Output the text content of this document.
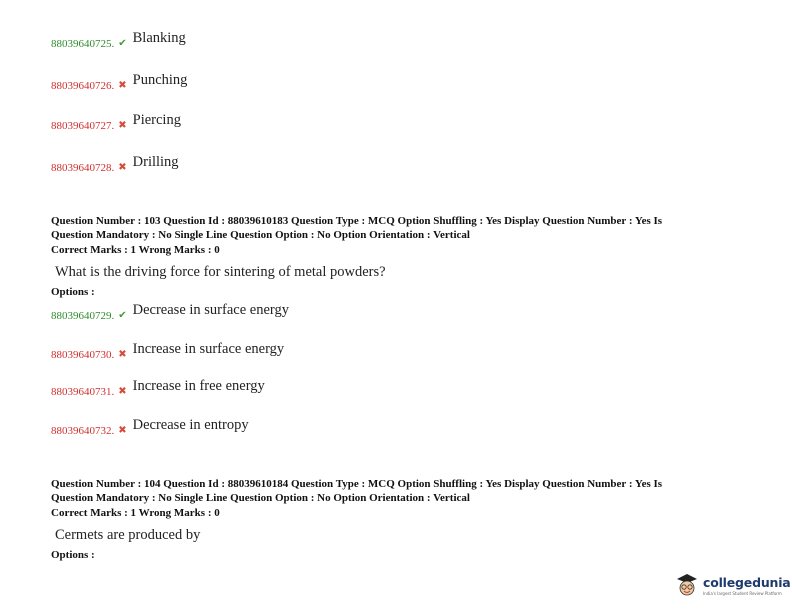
88039640725. ✔ Blanking
88039640726. ✖ Punching
88039640727. ✖ Piercing
88039640728. ✖ Drilling
Question Number : 103 Question Id : 88039610183 Question Type : MCQ Option Shuffling : Yes Display Question Number : Yes Is
Question Mandatory : No Single Line Question Option : No Option Orientation : Vertical
Correct Marks : 1 Wrong Marks : 0
What is the driving force for sintering of metal powders?
Options :
88039640729. ✔ Decrease in surface energy
88039640730. ✖ Increase in surface energy
88039640731. ✖ Increase in free energy
88039640732. ✖ Decrease in entropy
Question Number : 104 Question Id : 88039610184 Question Type : MCQ Option Shuffling : Yes Display Question Number : Yes Is
Question Mandatory : No Single Line Question Option : No Option Orientation : Vertical
Correct Marks : 1 Wrong Marks : 0
Cermets are produced by
Options :
collegedunia
India's largest Student Review Platform
